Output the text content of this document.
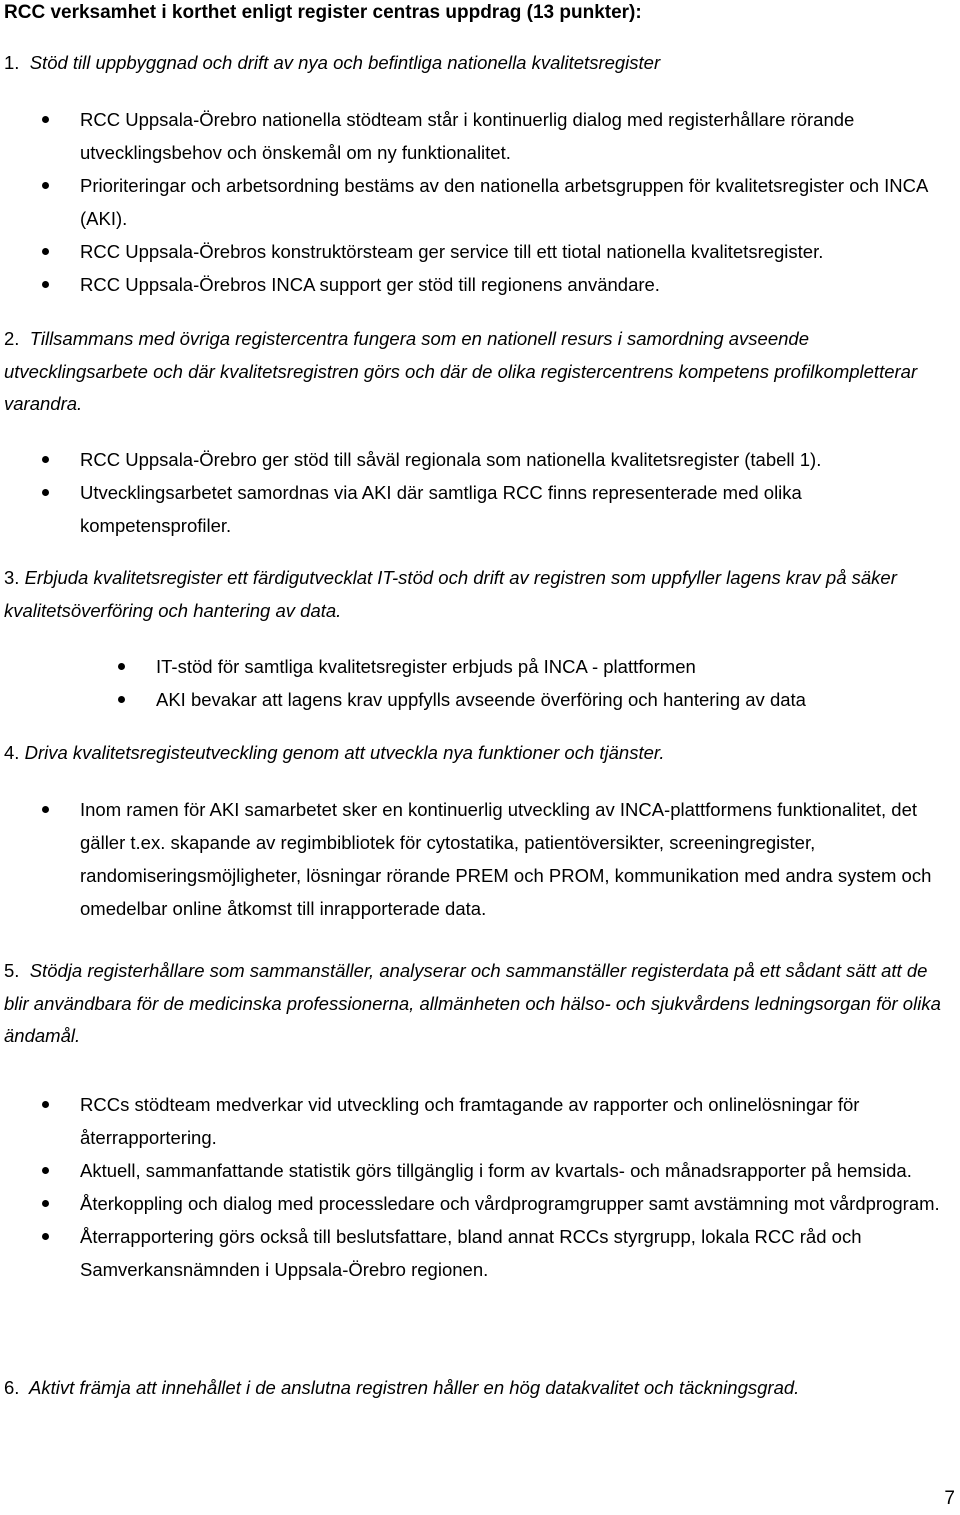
RCC verksamhet i korthet enligt register centras uppdrag (13 punkter):
1. Stöd till uppbyggnad och drift av nya och befintliga nationella kvalitetsregister
RCC Uppsala-Örebro nationella stödteam står i kontinuerlig dialog med registerhållare rörande utvecklingsbehov och önskemål om ny funktionalitet.
Prioriteringar och arbetsordning bestäms av den nationella arbetsgruppen för kvalitetsregister och INCA (AKI).
RCC Uppsala-Örebros konstruktörsteam ger service till ett tiotal nationella kvalitetsregister.
RCC Uppsala-Örebros INCA support ger stöd till regionens användare.
2. Tillsammans med övriga registercentra fungera som en nationell resurs i samordning avseende utvecklingsarbete och där kvalitetsregistren görs och där de olika registercentrens kompetens profilkompletterar varandra.
RCC Uppsala-Örebro ger stöd till såväl regionala som nationella kvalitetsregister (tabell 1).
Utvecklingsarbetet samordnas via AKI där samtliga RCC finns representerade med olika kompetensprofiler.
3. Erbjuda kvalitetsregister ett färdigutvecklat IT-stöd och drift av registren som uppfyller lagens krav på säker kvalitetsöverföring och hantering av data.
IT-stöd för samtliga kvalitetsregister erbjuds på INCA - plattformen
AKI bevakar att lagens krav uppfylls avseende överföring och hantering av data
4. Driva kvalitetsregisteutveckling genom att utveckla nya funktioner och tjänster.
Inom ramen för AKI samarbetet sker en kontinuerlig utveckling av INCA-plattformens funktionalitet, det gäller t.ex. skapande av regimbibliotek för cytostatika, patientöversikter, screeningregister, randomiseringsmöjligheter, lösningar rörande PREM och PROM, kommunikation med andra system och omedelbar online åtkomst till inrapporterade data.
5. Stödja registerhållare som sammanställer, analyserar och sammanställer registerdata på ett sådant sätt att de blir användbara för de medicinska professionerna, allmänheten och hälso- och sjukvårdens ledningsorgan för olika ändamål.
RCCs stödteam medverkar vid utveckling och framtagande av rapporter och onlinelösningar för återrapportering.
Aktuell, sammanfattande statistik görs tillgänglig i form av kvartals- och månadsrapporter på hemsida.
Återkoppling och dialog med processledare och vårdprogramgrupper samt avstämning mot vårdprogram.
Återrapportering görs också till beslutsfattare, bland annat RCCs styrgrupp, lokala RCC råd och Samverkansnämnden i Uppsala-Örebro regionen.
6. Aktivt främja att innehållet i de anslutna registren håller en hög datakvalitet och täckningsgrad.
7
